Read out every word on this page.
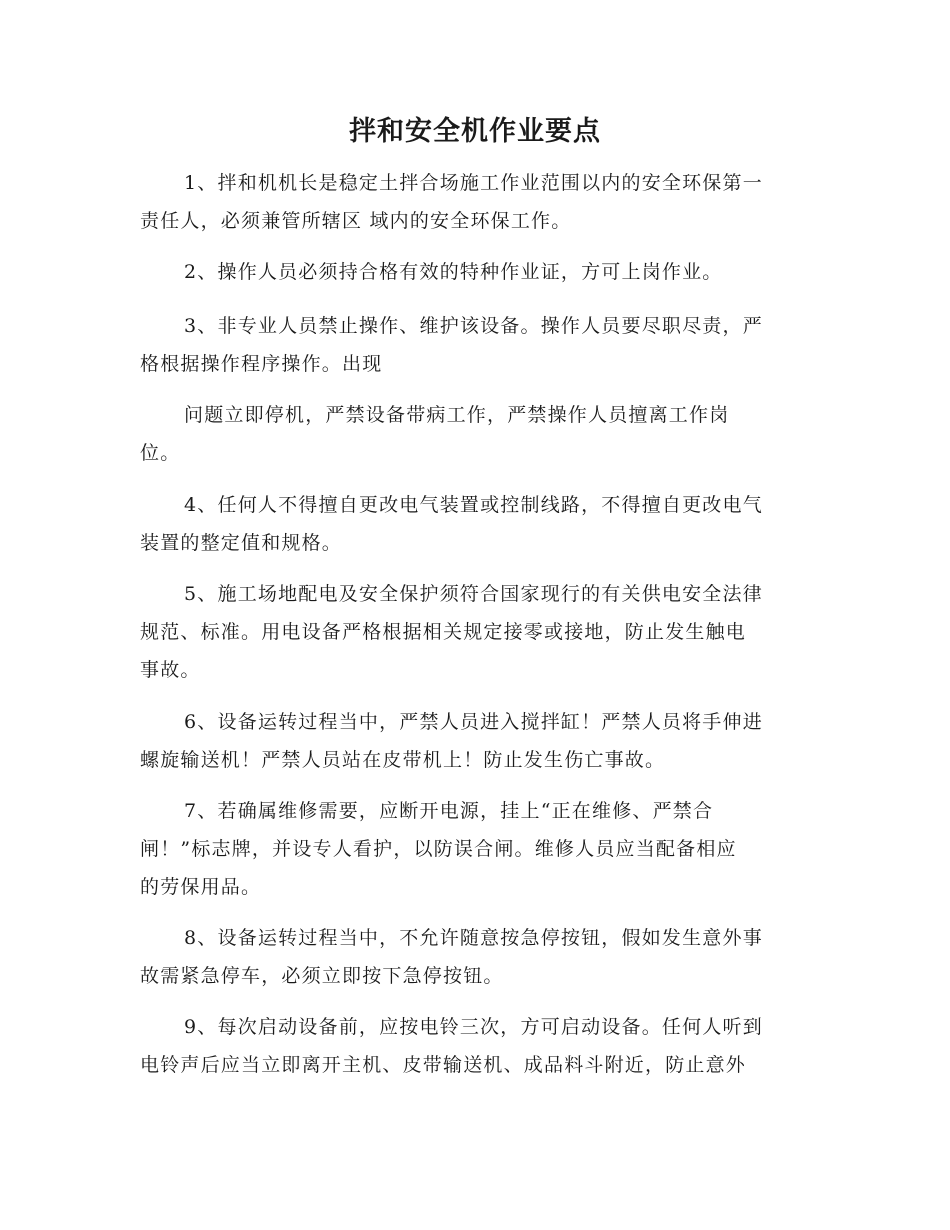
拌和安全机作业要点

1、拌和机机长是稳定土拌合场施工作业范围以内的安全环保第一
责任人，必须兼管所辖区 域内的安全环保工作。

2、操作人员必须持合格有效的特种作业证，方可上岗作业。

3、非专业人员禁止操作、维护该设备。操作人员要尽职尽责，严
格根据操作程序操作。出现

问题立即停机，严禁设备带病工作，严禁操作人员擅离工作岗
位。

4、任何人不得擅自更改电气装置或控制线路，不得擅自更改电气
装置的整定值和规格。

5、施工场地配电及安全保护须符合国家现行的有关供电安全法律
规范、标准。用电设备严格根据相关规定接零或接地，防止发生触电
事故。

6、设备运转过程当中，严禁人员进入搅拌缸！严禁人员将手伸进
螺旋输送机！严禁人员站在皮带机上！防止发生伤亡事故。

7、若确属维修需要，应断开电源，挂上“正在维修、严禁合
闸！”标志牌，并设专人看护，以防误合闸。维修人员应当配备相应
的劳保用品。

8、设备运转过程当中，不允许随意按急停按钮，假如发生意外事
故需紧急停车，必须立即按下急停按钮。

9、每次启动设备前，应按电铃三次，方可启动设备。任何人听到
电铃声后应当立即离开主机、皮带输送机、成品料斗附近，防止意外
